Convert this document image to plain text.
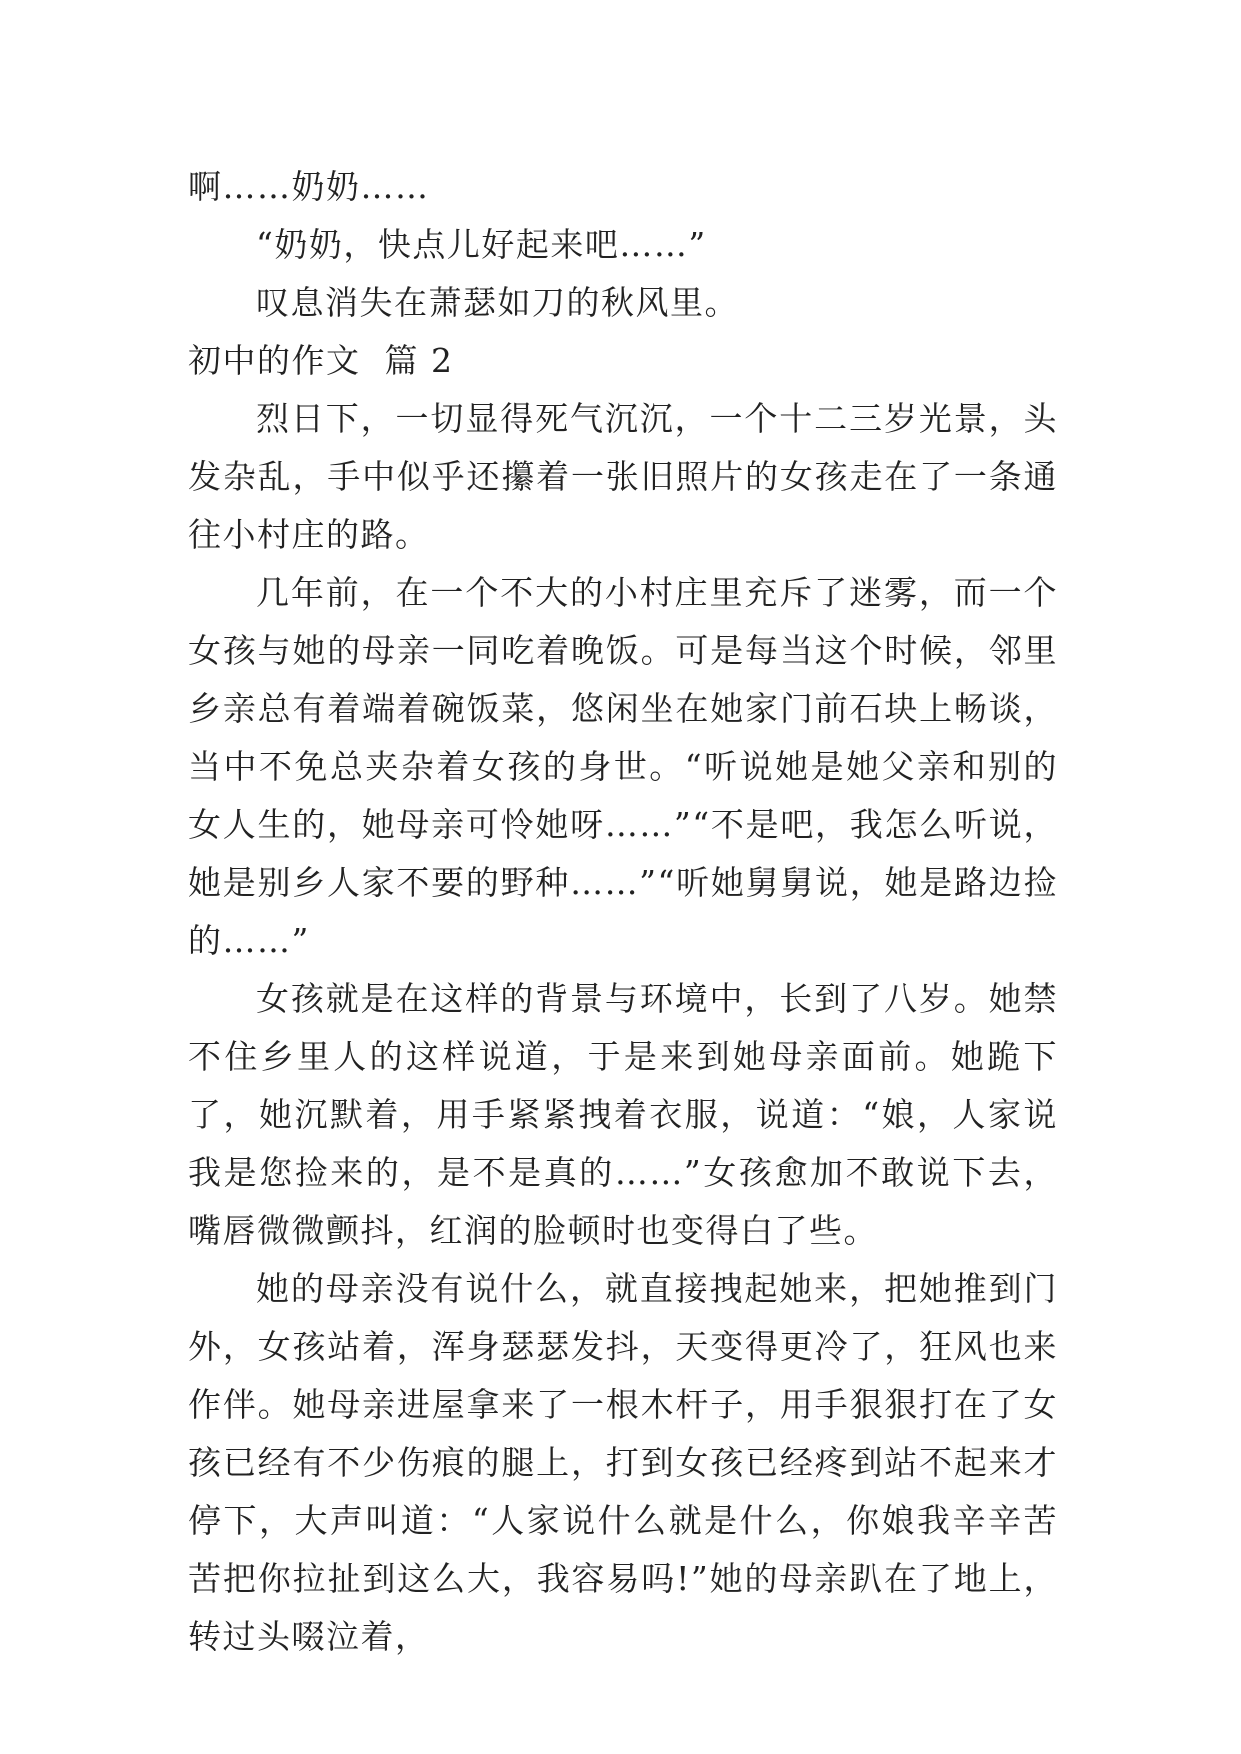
啊……奶奶……

“奶奶，快点儿好起来吧……”

叹息消失在萧瑟如刀的秋风里。

初中的作文  篇 2

烈日下，一切显得死气沉沉，一个十二三岁光景，头发杂乱，手中似乎还攥着一张旧照片的女孩走在了一条通往小村庄的路。

几年前，在一个不大的小村庄里充斥了迷雾，而一个女孩与她的母亲一同吃着晚饭。可是每当这个时候，邻里乡亲总有着端着碗饭菜，悠闲坐在她家门前石块上畅谈，当中不免总夹杂着女孩的身世。“听说她是她父亲和别的女人生的，她母亲可怜她呀……”“不是吧，我怎么听说，她是别乡人家不要的野种……”“听她舅舅说，她是路边捡的……”

女孩就是在这样的背景与环境中，长到了八岁。她禁不住乡里人的这样说道，于是来到她母亲面前。她跪下了，她沉默着，用手紧紧拽着衣服，说道：“娘，人家说我是您捡来的，是不是真的……”女孩愈加不敢说下去，嘴唇微微颤抖，红润的脸顿时也变得白了些。

她的母亲没有说什么，就直接拽起她来，把她推到门外，女孩站着，浑身瑟瑟发抖，天变得更冷了，狂风也来作伴。她母亲进屋拿来了一根木杆子，用手狠狠打在了女孩已经有不少伤痕的腿上，打到女孩已经疼到站不起来才停下，大声叫道：“人家说什么就是什么，你娘我辛辛苦苦把你拉扯到这么大，我容易吗!”她的母亲趴在了地上，转过头啜泣着，
